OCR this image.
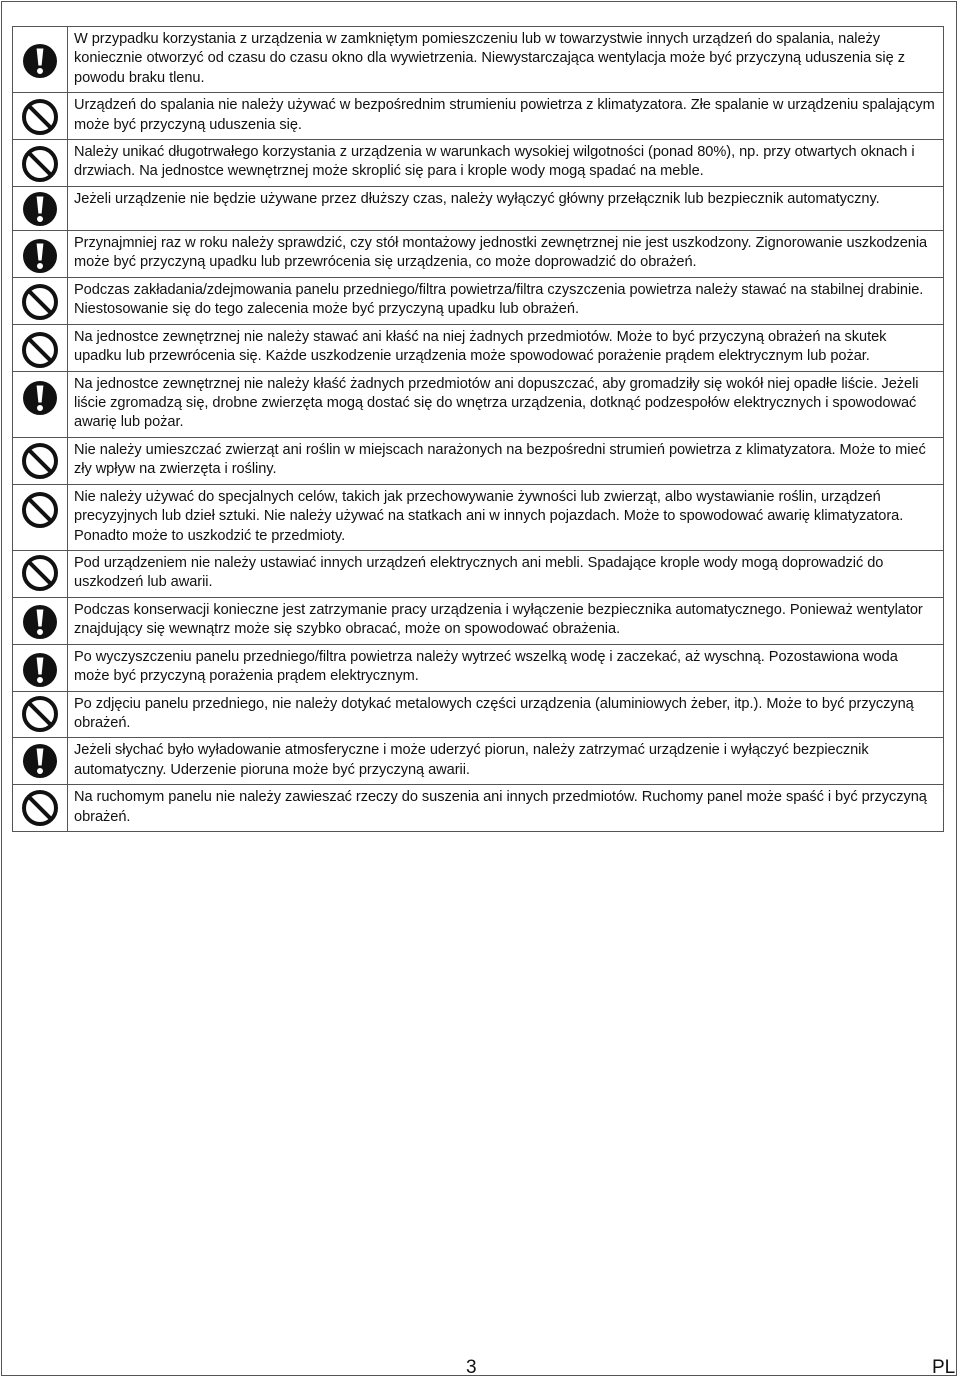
	W przypadku korzystania z urządzenia w zamkniętym pomieszczeniu lub w towarzystwie innych urządzeń do spalania, należy koniecznie otworzyć od czasu do czasu okno dla wywietrzenia. Niewystarczająca wentylacja może być przyczyną uduszenia się z powodu braku tlenu.

	Urządzeń do spalania nie należy używać w bezpośrednim strumieniu powietrza z klimatyzatora. Złe spalanie w urządzeniu spalającym może być przyczyną uduszenia się.

	Należy unikać długotrwałego korzystania z urządzenia w warunkach wysokiej wilgotności (ponad 80%), np. przy otwartych oknach i drzwiach. Na jednostce wewnętrznej może skroplić się para i krople wody mogą spadać na meble.

	Jeżeli urządzenie nie będzie używane przez dłuższy czas, należy wyłączyć główny przełącznik lub bezpiecznik automatyczny.

	Przynajmniej raz w roku należy sprawdzić, czy stół montażowy jednostki zewnętrznej nie jest uszkodzony. Zignorowanie uszkodzenia może być przyczyną upadku lub przewrócenia się urządzenia, co może doprowadzić do obrażeń.

	Podczas zakładania/zdejmowania panelu przedniego/filtra powietrza/filtra czyszczenia powietrza należy stawać na stabilnej drabinie. Niestosowanie się do tego zalecenia może być przyczyną upadku lub obrażeń.

	Na jednostce zewnętrznej nie należy stawać ani kłaść na niej żadnych przedmiotów. Może to być przyczyną obrażeń na skutek upadku lub przewrócenia się. Każde uszkodzenie urządzenia może spowodować porażenie prądem elektrycznym lub pożar.

	Na jednostce zewnętrznej nie należy kłaść żadnych przedmiotów ani dopuszczać, aby gromadziły się wokół niej opadłe liście. Jeżeli liście zgromadzą się, drobne zwierzęta mogą dostać się do wnętrza urządzenia, dotknąć podzespołów elektrycznych i spowodować awarię lub pożar.

	Nie należy umieszczać zwierząt ani roślin w miejscach narażonych na bezpośredni strumień powietrza z klimatyzatora. Może to mieć zły wpływ na zwierzęta i rośliny.

	Nie należy używać do specjalnych celów, takich jak przechowywanie żywności lub zwierząt, albo wystawianie roślin, urządzeń precyzyjnych lub dzieł sztuki. Nie należy używać na statkach ani w innych pojazdach. Może to spowodować awarię klimatyzatora. Ponadto może to uszkodzić te przedmioty.

	Pod urządzeniem nie należy ustawiać innych urządzeń elektrycznych ani mebli. Spadające krople wody mogą doprowadzić do uszkodzeń lub awarii.

	Podczas konserwacji konieczne jest zatrzymanie pracy urządzenia i wyłączenie bezpiecznika automatycznego. Ponieważ wentylator znajdujący się wewnątrz może się szybko obracać, może on spowodować obrażenia.

	Po wyczyszczeniu panelu przedniego/filtra powietrza należy wytrzeć wszelką wodę i zaczekać, aż wyschną. Pozostawiona woda może być przyczyną porażenia prądem elektrycznym.

	Po zdjęciu panelu przedniego, nie należy dotykać metalowych części urządzenia (aluminiowych żeber, itp.). Może to być przyczyną obrażeń.

	Jeżeli słychać było wyładowanie atmosferyczne i może uderzyć piorun, należy zatrzymać urządzenie i wyłączyć bezpiecznik automatyczny. Uderzenie pioruna może być przyczyną awarii.

	Na ruchomym panelu nie należy zawieszać rzeczy do suszenia ani innych przedmiotów. Ruchomy panel może spaść i być przyczyną obrażeń.
3	PL
